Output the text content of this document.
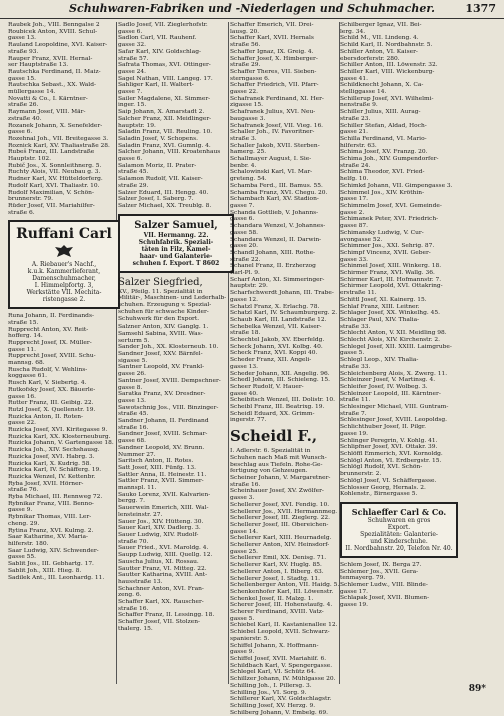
Schuhwaren-Fabriken und -Niederlagen und Schuhmacher.	1377
Raubek Joh., VIII. Benngalse 2
Roubicek Anton, XVIII. Schul-
gasse 13.
Rauland Leopoldine, XVI. Kaiser-
straße 93.
Rauper Franz, XVII. Hernal-
ser Hauptstraße 13.
Rautschka Ferdinand, II. Maiz-
gasse 15.
Rautschka Sebast., XX. Wald-
müllergasse 14.
Novatti & Co., I. Kärntner-
straße 26.
Raymann Josef, VIII. Mär-
zstraße 40.
Rozanek Johann, X. Senefelder-
gasse 6.
Rozehnal Joh., VII. Breitegasse 3.
Roznick Karl, XV. Thaliastraße 28.
Rubeš Franz, III. Landstraße
Hauptstr. 102.
Rubič Jos., X. Sonnleithnerg. 5.
Ruchty Alois, VII. Neubau g. 3.
Rudner Karl, XV. Hütteldorferg.
Rudolf Karl, XVI. Thaliastr. 10.
Rudolf Maximilian, V. Schön-
brunnerstr. 79.
Rüder Josef, VII. Mariahilfer-
straße 6.
Ruffani Carl
A. Riebauer's Nachf.,
k.u.k. Kammerlieferant,
Damenschuhmacher,
I. Himmelpfortg. 3,
Werkstätte VII. Mechita-
ristengasse 2.
Runa Johann, II. Ferdinands-
straße 15.
Rupprecht Anton, XV. Reit-
hofferg. 14.
Rupprecht Josef, IX. Müller-
gasse 11.
Rupprecht Josef, XVIII. Schu-
mannsg. 68.
Ruscha Rudolf, V. Wehlins-
koggasse 61.
Rusch Karl, V. Siebertg. 4.
Rutkofsky Josef, XX. Bäuerle-
gasse 16.
Rutter Franz, III. Geibig. 22.
Rutzl Josef, X. Quellenstr. 19.
Ruzicka Anton, II. Roten-
gasse 22.
Ruzicka Josef, XVI. Kiritegasse 9.
Ruzicka Karl, XX. Klosterneuburg.
Ruzicka Johann, V. Gartengasse 18.
Ruzicka Joh., XIV. Sechshausg.
Ruzicka Josef, XVI. Habrg. 3.
Ruzicka Karl, X. Kudrig. 58.
Ruzicka Karl, IV. Schäfferg. 19.
Ruzicka Wenzel, IV. Kettenbr.
Ryba Josef, XVII. Hörner-
straße 76.
Ryba Michael, III. Rennweg 72.
Rybnikar Franz, VIII. Benno-
gasse 9.
Rybnikar Thomas, VIII. Ler-
cheng. 29.
Rytina Franz, XVI. Kulmg. 2.
Saar Katharine, XV. Maria-
hilferstr. 180.
Saar Ludwig, XIV. Schwender-
gasse 55.
Sablit Jos., III. Gebhartg. 17.
Sablit Joh., XIII. Hieg. 8.
Sadilek Ant., III. Leonhardg. 11.
Sadlo Josef, VII. Zieglerhofstr.
gasse 6.
Sadlon Carl, VII. Rauhenf.
gasse 32.
Safar Karl, XIV. Goldschlag-
straße 57.
Safrata Thomas, XVI. Ottinger-
gasse 24.
Sagel Nathan, VIII. Langeg. 17.
Sahliger Karl, II. Waltert-
gasse 7.
Sailer Magdalene, XI. Simmer-
inger. 15.
Saip Johann, X. Amarstadt 2.
Salcher Franz, XII. Meidlinger-
hauptstr. 19.
Saladin Franz, VII. Reuling. 10.
Saladin Josef, V. Schopens.
Saladin Franz, XVI. Gumnlg. 4.
Salcher Johann, VIII. Kroatenhaus
gasse 6.
Salamon Moriz, II. Prater-
straße 45.
Salamon Rudolf, VII. Kaiser-
straße 29.
Salzer Eduard, III. Hengg. 40.
Salzer Josef, I. Saberg. 7.
Salzer Michael, XX. Treublg. 8.
Salzer Samuel,
VII. Hermanng. 22.
Schuhfabrik. Speziali-
täten in Filz, Kamel-
haar- und Galanterie-
schuhen f. Export. T 8602
Salzer Siegfried,
XV., Pfeilg. 11. Spezialität in
Militär-, Maschinen- und Lederhalb-
schuhen. Erzeugung v. Spezial-
schuhen für schwache Kinder-
Schuhwerk für den Export.
Salzner Anton, XIV. Ganglg. 1.
Samsehl Sabina, XVIII. Was-
serturm 5.
Sander Joh., XX. Klosterneub. 10.
Sandner Josef, XXV. Bärnfel-
sigasse 5.
Santner Leopold, XV. Frankl-
gasse 26.
Santner Josef, XVIII. Dempschner-
gasse 8.
Saratka Franz, XV. Dresdner-
gasse 13.
Sawotschnig Jos., VIII. Binzinger-
straße 45.
Sandner Johann, II. Ferdinand
straße 16.
Sandner Josef, XVIII. Schmar-
gasse 68.
Sandner Leopold, XV. Brunn.
Nummer 27.
Saritsch Anton, II. Rotes.
Satt Josef, XIII. Fünfg. 13.
Sattler Anna, II. Heinestr. 11.
Sattler Franz, XVII. Simmer-
mannspl. 11.
Sauko Lorenz, XVII. Kalvarien-
bergg. 7.
Sauerwein Emerich, XIII. Wal-
lensteinstr. 27.
Sauer Jos., XIV. Hütteng. 30.
Sauer Karl, XIV. Dadlerg. 3.
Sauer Ludwig, XIV. Rudolf-
straße 70.
Sauer Fried., XVI. Maroldg. 4.
Saupp Ludwig, XIII. Quellg. 12.
Sauscha Julius, XI. Rossau.
Sautter Franz, VI. Mitteg. 22.
Sautter Katharina, XVIII. Ant-
hausstraße 13.
Schachner Anton, XVI. Fran-
zeng. 6.
Schaffer Karl, XX. Rauscher-
straße 16.
Schaffer Franz, II. Lessingg. 18.
Schaffer Josef, VII. Stolzen-
thalerg. 15.
Schaffer Emerich, VII. Drei-
lausg. 20.
Schaffer Karl, XVII. Hernals
straße 56.
Schaffer Ignaz, IX. Greig. 4.
Schaffer Josef, X. Himberger-
straße 29.
Schaffer Theres, VII. Sieben-
sterngasse 6.
Schaffer Friedrich, VII. Pfarr-
gasse 22.
Schafranek Ferdinand, XI. Her-
zigasse 15.
Schafranek Julius, XVI. Neu-
baugasse 3.
Schafranek Josef, VII. Vieg. 16.
Schaller Joh., IV. Favoritner-
straße 3.
Schaller Jakob, XVII. Sterben-
hamerg. 25.
Schallmayer August, I. Sie-
benbr. 4.
Schalowinski Karl, VI. Mar-
greteng. 54.
Schamba Ferd., III. Bamus. 55.
Schamba Franz, XVI. Chegu. 20.
Schambach Karl, XV. Stadion-
gasse 7.
Schanda Gottlieb, V. Johanns-
gasse 6.
Schandara Wenzel, V. Johannes-
gasse 58.
Schandara Wenzel, II. Darwin-
gasse 20.
Schandl Johann, XIII. Rothe-
straße 22.
Schanel Franz, II. Erzherzog
Karl-Pl. 9.
Scharf Anton, XI. Simmeringer-
hauptstr. 29.
Scharfschwerdt Johann, III. Trabe-
gasse 12.
Schatzl Franz, X. Erlachg. 78.
Schatzl Karl, IV. Schaumburgerg. 2.
Schaub Karl, III. Landstraße 12.
Schebelka Wenzel, VII. Kaiser-
straße 18.
Schechtel Jakob, XV. Eberfeldg.
Scheck Johann, XVI. Kolbg. 40.
Scheck Franz, XVI. Koppi 40.
Scheder Franz, XII. Angeli-
gasse 13.
Scheder Johann, XII. Angelig. 96.
Schedl Johann, III. Schieleng. 15.
Scheer Rudolf, V. Hauer-
gasse 40.
Scheibitsch Wenzel, III. Dolistr. 10.
Scheibl Franz, III. Beatrixg. 19.
Scheidl Eduard, XX. Grimm-
ingerstr. 77.
Scheidl F.,
I. Adlerstr. 6. Spezialität in
Schuhen nach Maß mit Wunsch-
beschlag aus Tiefeln. Rohe-Ge-
fertigung von Gehzeugen.
Scheiner Johann, V. Margaretner-
straße 16.
Scheinhauer Josef, XV. Zwölfer-
gasse 3.
Schellerer Josef, XVI. Fendig. 10.
Schellerer Jos., XVII. Hermannmeg.
Schellerer Josef, III. Zieglerg. 22.
Schellerer Josef, III. Obereichen-
gasse 14.
Schellerer Karl, XIII. Heurnadelg.
Schellerer Anton, XIV. Heinsdorf-
gasse 25.
Schellerer Emil, XX. Denisg. 71.
Schellerer Karl, XV. Huglg. 85.
Schellerer Anton, I. Biberg. 63.
Schellerer Josef, I. Stadtg. 11.
Schellenberger Anton, VII. Haidg. 5.
Schenkenhofer Karl, III. Löwenstr.
Schenkel Josef, II. Malzg. 1.
Scherer Josef, III. Hohenstaufg. 4.
Scherer Ferdinand, XVIII. Vatz-
gasse 5.
Schiebel Karl, II. Kastanienallee 12.
Schiebel Leopold, XVII. Schwarz-
spanierstr. 5.
Schiffel Johann, X. Hoffmann-
gasse 9.
Schiffel Josef, XVII. Mariahilf. 6.
Schildbach Karl, V. Spengergasse.
Schlegel Karl, VI. Schütz 64.
Schillzer Johann, IV. Mühlgasse 20.
Schilling Joh., I. Pillersg. 3.
Schilling Jos., VI. Sorg. 9.
Schillerer Karl, XV. Goldschlagstr.
Schilling Josef, XV. Herzg. 9.
Schilberg Johann, V. Embelg. 69.
Schilberger Ignaz, VII. Bei-
lerg. 34.
Schild M., VII. Lindeng. 4.
Schild Karl, II. Nordbahnstr. 5.
Schiller Anton, VI. Kaiser-
ebersdorferstr. 280.
Schiller Anton, III. Löwenstr. 32.
Schiller Karl, VIII. Wickenburg-
gasse 41.
Schildknecht Johann, X. Ca-
stelliggasse 14.
Schillerup Josef, XVI. Wilhelmi-
nenstraße 9.
Schiller Julius, XIII. Aurag-
straße 23.
Schiller Stefan, Aldad, Hoch-
gasse 21.
Schilla Ferdinand, VI. Mario-
hilferstr. 63.
Schima Josef, XV. Franzg. 20.
Schima Joh., XIV. Gumpendorfer-
straße 24.
Schima Theodor, XVI. Fried-
helfg. 10.
Schimkd Johann, VII. Gimpengasse 3.
Schimmel Jos., XIV. Kröthin-
gasse 17.
Schimmelm Josef, XVI. Gemeinde-
gasse 2.
Schimanek Peter, XVI. Friedrich-
gasse 87.
Schimansky Ludwig, V. Cur-
avongasse 52.
Schimmer Jos., XXI. Sehrig. 87.
Schimpf Vincenz, XVII. Geber-
gasse 33.
Schinmel Josef, XIII. Winkerg. 18.
Schirmer Franz, XVI. Wallg. 36.
Schirmer Karl, III. Hofmannstr. 7.
Schirmer Leopold, XVI. Ottakring-
erstraße 11.
Schittl Josef, XI. Kainerg. 15.
Schlaf Franz, XIII. Leitner.
Schlager Josef, XX. Winkelhg. 45.
Schlager Paul, XIV. Thalia-
straße 33.
Schlecht Anton, V. XII. Meidling 98.
Schlecht Alois, XIV. Kirchenstr. 2.
Schlegel Josef, XII. XXIII. Laimgrube-
gasse 5.
Schlegl Leop., XIV. Thalia-
straße 33.
Schleichenberg Alois, X. Zwerg. 11.
Schleinzer Josef, V. Martinsg. 4.
Schleifer Josef, IV. Wolbeg. 3.
Schleinzer Leopold, III. Kärntner-
straße 11.
Schlesinger Michael, VIII. Guntram-
straße 7.
Schlesinger Josef, XVIII. Leopoldsg.
Schlichthuber Josef, II. Pilgr.
gasse 19.
Schlinger Peregrin, V. Kohlg. 41.
Schlipfner Josef, XVI. Ottakr. 39.
Schlöffl Emmerich, XVI. Kornoldg.
Schlögl Anton, VI. Erdbergstr. 15.
Schlögl Rudolf, XVI. Schön-
brunnerstr. 2.
Schlögl Josef, VI. Schäffergasse.
Schlosser Georg, Hernals. 2.
Kohlenstr., Birnergasse 5.
Schlaeffer Carl & Co.
Schuhwaren en gros
Export.
Spezialitäten: Galanterie-
und Kinderschuhe.
II. Nordbahnstr. 20, Telefon Nr. 40.
Schlem Josef, IX. Berga 27.
Schlemer Jos., XVII. Gera-
tenmayerg. 79.
Schlemer Ludw., VIII. Blinde-
gasse 17.
Schlapak Josef, XVII. Blumen-
gasse 19.
89*
